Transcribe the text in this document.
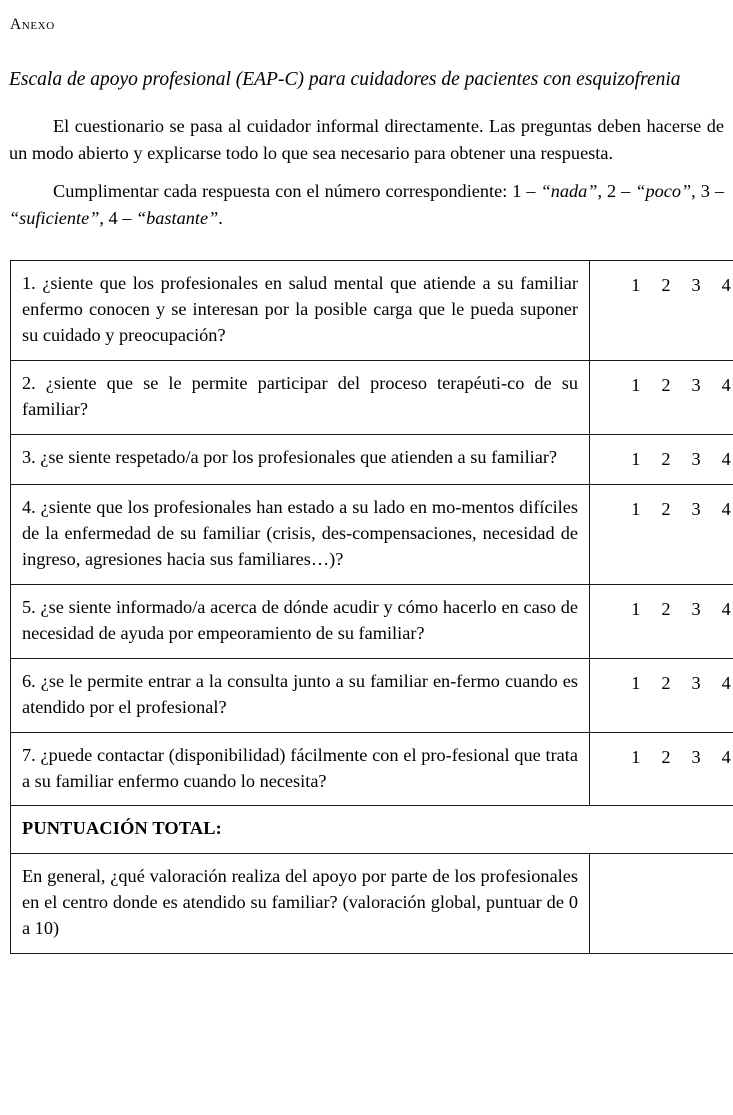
Anexo
Escala de apoyo profesional (EAP-C) para cuidadores de pacientes con esquizofrenia

El cuestionario se pasa al cuidador informal directamente. Las preguntas deben hacerse de un modo abierto y explicarse todo lo que sea necesario para obtener una respuesta.

Cumplimentar cada respuesta con el número correspondiente: 1 – “nada”, 2 – “poco”, 3 – “suficiente”, 4 – “bastante”.

1. ¿siente que los profesionales en salud mental que atiende a su familiar enfermo conocen y se interesan por la posible carga que le pueda suponer su cuidado y preocupación?	1 2 3 4

2. ¿siente que se le permite participar del proceso terapéuti-co de su familiar?	1 2 3 4

3. ¿se siente respetado/a por los profesionales que atienden a su familiar?	1 2 3 4

4. ¿siente que los profesionales han estado a su lado en mo-mentos difíciles de la enfermedad de su familiar (crisis, des-compensaciones, necesidad de ingreso, agresiones hacia sus familiares…)?	1 2 3 4

5. ¿se siente informado/a acerca de dónde acudir y cómo hacerlo en caso de necesidad de ayuda por empeoramiento de su familiar?	1 2 3 4

6. ¿se le permite entrar a la consulta junto a su familiar en-fermo cuando es atendido por el profesional?	1 2 3 4

7. ¿puede contactar (disponibilidad) fácilmente con el pro-fesional que trata a su familiar enfermo cuando lo necesita?	1 2 3 4

PUNTUACIÓN TOTAL:	
En general, ¿qué valoración realiza del apoyo por parte de los profesionales en el centro donde es atendido su familiar? (valoración global, puntuar de 0 a 10)	
